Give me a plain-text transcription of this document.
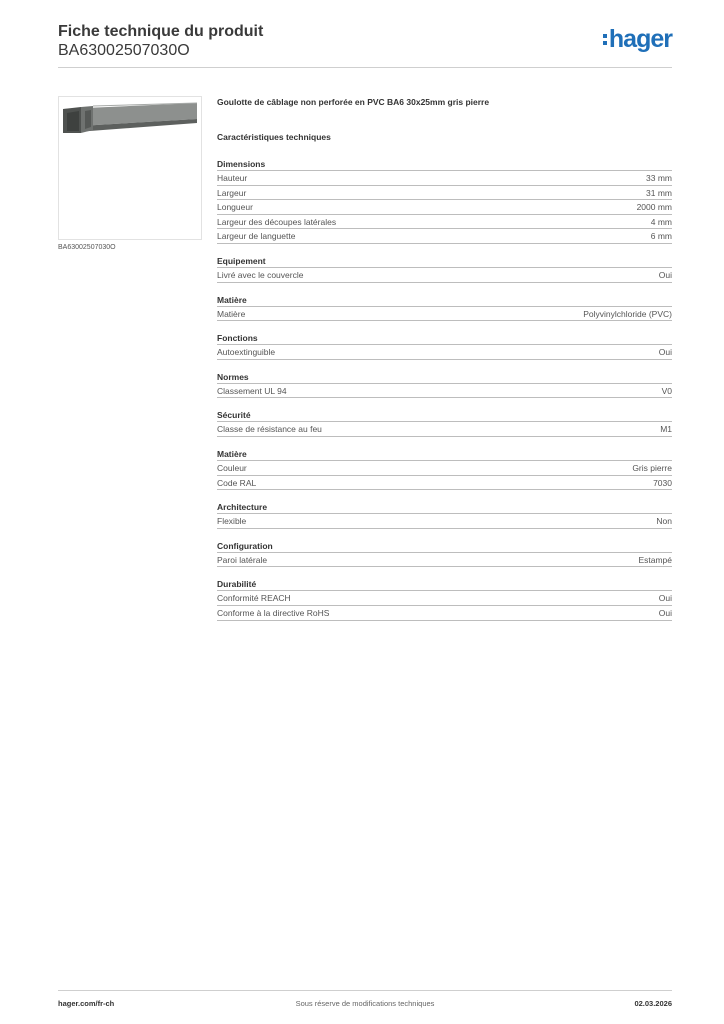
Fiche technique du produit
BA63002507030O	hager
BA63002507030O
Goulotte de câblage non perforée en PVC BA6 30x25mm gris pierre
Caractéristiques techniques
Dimensions
Hauteur	33 mm
Largeur	31 mm
Longueur	2000 mm
Largeur des découpes latérales	4 mm
Largeur de languette	6 mm
Equipement
Livré avec le couvercle	Oui
Matière
Matière	Polyvinylchloride (PVC)
Fonctions
Autoextinguible	Oui
Normes
Classement UL 94	V0
Sécurité
Classe de résistance au feu	M1
Matière
Couleur	Gris pierre
Code RAL	7030
Architecture
Flexible	Non
Configuration
Paroi latérale	Estampé
Durabilité
Conformité REACH	Oui
Conforme à la directive RoHS	Oui
hager.com/fr-ch	Sous réserve de modifications techniques	02.03.2026
